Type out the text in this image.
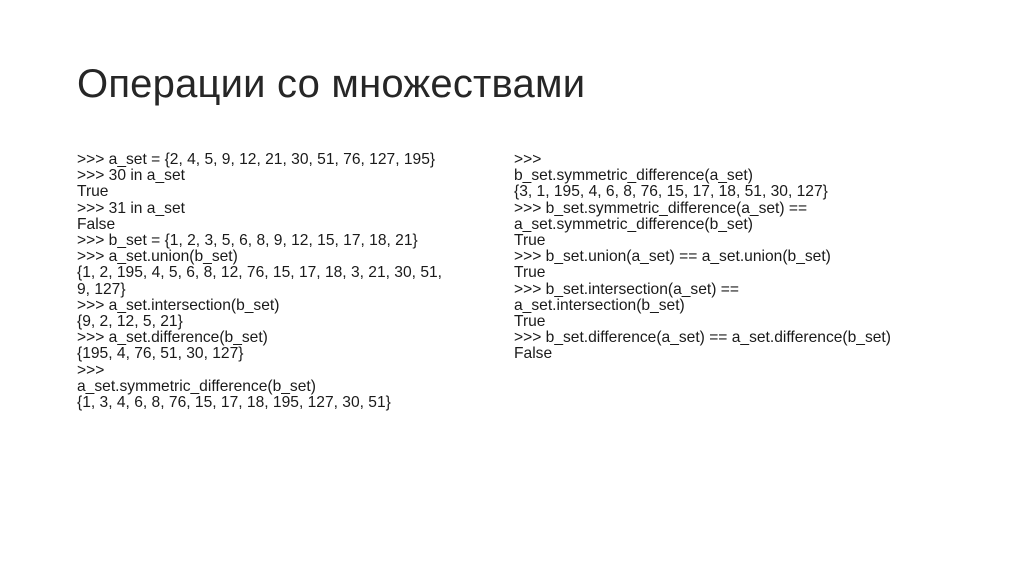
Операции со множествами
>>> a_set = {2, 4, 5, 9, 12, 21, 30, 51, 76, 127, 195}
>>> 30 in a_set
True
>>> 31 in a_set
False
>>> b_set = {1, 2, 3, 5, 6, 8, 9, 12, 15, 17, 18, 21}
>>> a_set.union(b_set)
{1, 2, 195, 4, 5, 6, 8, 12, 76, 15, 17, 18, 3, 21, 30, 51,
9, 127}
>>> a_set.intersection(b_set)
{9, 2, 12, 5, 21}
>>> a_set.difference(b_set)
{195, 4, 76, 51, 30, 127}
>>>
a_set.symmetric_difference(b_set)
{1, 3, 4, 6, 8, 76, 15, 17, 18, 195, 127, 30, 51}
>>>
b_set.symmetric_difference(a_set)
{3, 1, 195, 4, 6, 8, 76, 15, 17, 18, 51, 30, 127}
>>> b_set.symmetric_difference(a_set) ==
a_set.symmetric_difference(b_set)
True
>>> b_set.union(a_set) == a_set.union(b_set)
True
>>> b_set.intersection(a_set) ==
a_set.intersection(b_set)
True
>>> b_set.difference(a_set) == a_set.difference(b_set)
False
